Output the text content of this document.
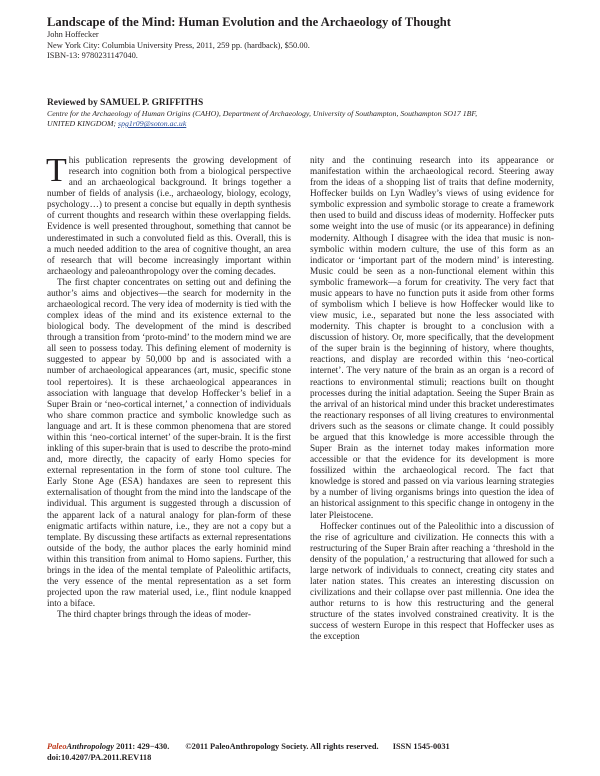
Landscape of the Mind: Human Evolution and the Archaeology of Thought
John Hoffecker
New York City: Columbia University Press, 2011, 259 pp. (hardback), $50.00.
ISBN-13: 9780231147040.
Reviewed by SAMUEL P. GRIFFITHS
Centre for the Archaeology of Human Origins (CAHO), Department of Archaeology, University of Southampton, Southampton SO17 1BF,
UNITED KINGDOM; spg1r09@soton.ac.uk

This publication represents the growing development of research into cognition both from a biological perspective and an archaeological background. It brings together a number of fields of analysis (i.e., archaeology, biology, ecology, psychology…) to present a concise but equally in depth synthesis of current thoughts and research within these overlapping fields. Evidence is well presented throughout, something that cannot be underestimated in such a convoluted field as this. Overall, this is a much needed addition to the area of cognitive thought, an area of research that will become increasingly important within archaeology and paleoanthropology over the coming decades.

The first chapter concentrates on setting out and defining the author’s aims and objectives—the search for modernity in the archaeological record. The very idea of modernity is tied with the complex ideas of the mind and its existence external to the biological body. The development of the mind is described through a transition from ‘proto-mind’ to the modern mind we are all seen to possess today. This defining element of modernity is suggested to appear by 50,000 bp and is associated with a number of archaeological appearances (art, music, specific stone tool repertoires). It is these archaeological appearances in association with language that develop Hoffecker’s belief in a Super Brain or ‘neo-cortical internet,’ a connection of individuals who share common practice and symbolic knowledge such as language and art. It is these common phenomena that are stored within this ‘neo-cortical internet’ of the super-brain. It is the first inkling of this super-brain that is used to describe the proto-mind and, more directly, the capacity of early Homo species for external representation in the form of stone tool culture. The Early Stone Age (ESA) handaxes are seen to represent this externalisation of thought from the mind into the landscape of the individual. This argument is suggested through a discussion of the apparent lack of a natural analogy for plan-form of these enigmatic artifacts within nature, i.e., they are not a copy but a template. By discussing these artifacts as external representations outside of the body, the author places the early hominid mind within this transition from animal to Homo sapiens. Further, this brings in the idea of the mental template of Paleolithic artifacts, the very essence of the mental representation as a set form projected upon the raw material used, i.e., flint nodule knapped into a biface.

The third chapter brings through the ideas of moder-

nity and the continuing research into its appearance or manifestation within the archaeological record. Steering away from the ideas of a shopping list of traits that define modernity, Hoffecker builds on Lyn Wadley’s views of using evidence for symbolic expression and symbolic storage to create a framework then used to build and discuss ideas of modernity. Hoffecker puts some weight into the use of music (or its appearance) in defining modernity. Although I disagree with the idea that music is non-symbolic within modern culture, the use of this form as an indicator or ‘important part of the modern mind’ is interesting. Music could be seen as a non-functional element within this symbolic framework—a forum for creativity. The very fact that music appears to have no function puts it aside from other forms of symbolism which I believe is how Hoffecker would like to view music, i.e., separated but none the less associated with modernity. This chapter is brought to a conclusion with a discussion of history. Or, more specifically, that the development of the super brain is the beginning of history, where thoughts, reactions, and display are recorded within this ‘neo-cortical internet’. The very nature of the brain as an organ is a record of reactions to environmental stimuli; reactions built on thought processes during the initial adaptation. Seeing the Super Brain as the arrival of an historical mind under this bracket underestimates the reactionary responses of all living creatures to environmental drivers such as the seasons or climate change. It could possibly be argued that this knowledge is more accessible through the Super Brain as the internet today makes information more accessible or that the evidence for its development is more fossilized within the archaeological record. The fact that knowledge is stored and passed on via various learning strategies by a number of living organisms brings into question the idea of an historical assignment to this specific change in ontogeny in the later Pleistocene.

Hoffecker continues out of the Paleolithic into a discussion of the rise of agriculture and civilization. He connects this with a restructuring of the Super Brain after reaching a ‘threshold in the density of the population,’ a restructuring that allowed for such a large network of individuals to connect, creating city states and later nation states. This creates an interesting discussion on civilizations and their collapse over past millennia. One idea the author returns to is how this restructuring and the general structure of the states involved constrained creativity. It is the success of western Europe in this respect that Hoffecker uses as the exception

PaleoAnthropology 2011: 429−430. ©2011 PaleoAnthropology Society. All rights reserved. ISSN 1545-0031
doi:10.4207/PA.2011.REV118
